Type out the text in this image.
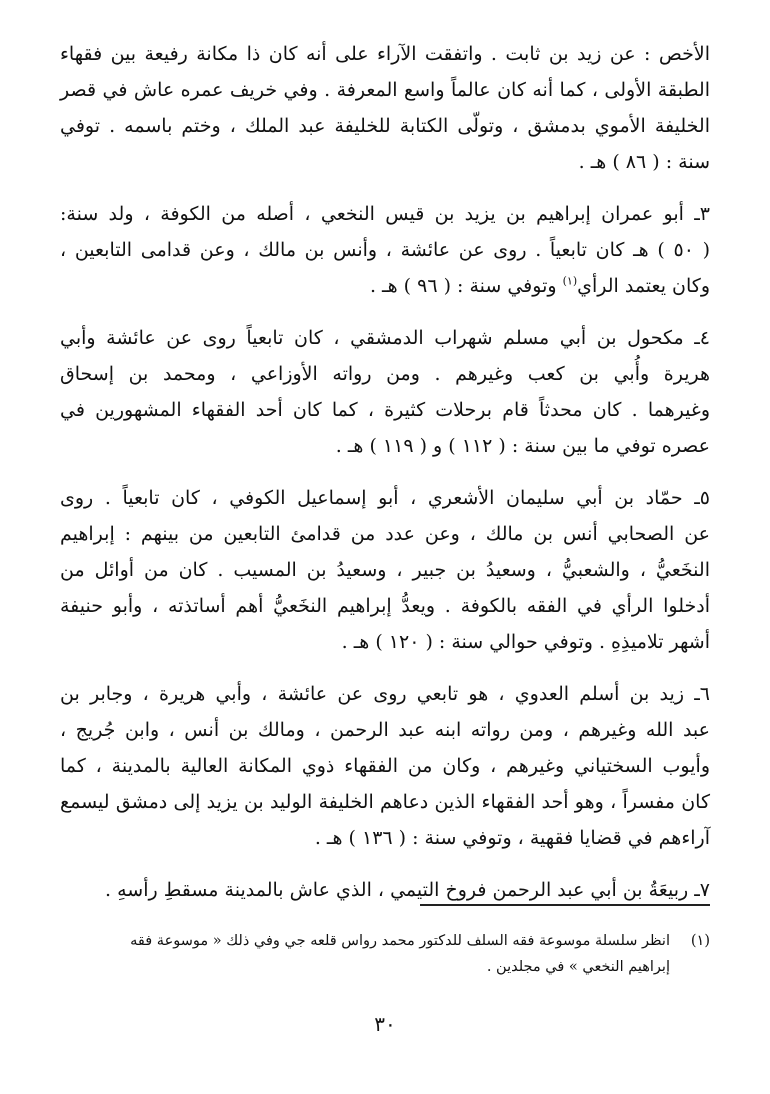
الأخص : عن زيد بن ثابت . واتفقت الآراء على أنه كان ذا مكانة رفيعة بين فقهاء
الطبقة الأولى ، كما أنه كان عالماً واسع المعرفة . وفي خريف عمره عاش في قصر
الخليفة الأموي بدمشق ، وتولّى الكتابة للخليفة عبد الملك ، وختم باسمه . توفي
سنة : ( ٨٦ ) هـ .

٣ـ أبو عمران إبراهيم بن يزيد بن قيس النخعي ، أصله من الكوفة ، ولد سنة:
( ٥٠ ) هـ كان تابعياً . روى عن عائشة ، وأنس بن مالك ، وعن قدامى التابعين ،
وكان يعتمد الرأي$^{(١)}$ وتوفي سنة : ( ٩٦ ) هـ .

٤ـ مكحول بن أبي مسلم شهراب الدمشقي ، كان تابعياً روى عن عائشة وأبي
هريرة وأُبي بن كعب وغيرهم . ومن رواته الأوزاعي ، ومحمد بن إسحاق
وغيرهما . كان محدثاً قام برحلات كثيرة ، كما كان أحد الفقهاء المشهورين في
عصره توفي ما بين سنة : ( ١١٢ ) و ( ١١٩ ) هـ .

٥ـ حمّاد بن أبي سليمان الأشعري ، أبو إسماعيل الكوفي ، كان تابعياً . روى
عن الصحابي أنس بن مالك ، وعن عدد من قدامئ التابعين من بينهم : إبراهيم
النخَعيُّ ، والشعبيُّ ، وسعيدُ بن جبير ، وسعيدُ بن المسيب . كان من أوائل من
أدخلوا الرأي في الفقه بالكوفة . ويعدُّ إبراهيم النخَعيُّ أهم أساتذته ، وأبو حنيفة
أشهر تلاميذِهِ . وتوفي حوالي سنة : ( ١٢٠ ) هـ .

٦ـ زيد بن أسلم العدوي ، هو تابعي روى عن عائشة ، وأبي هريرة ، وجابر بن
عبد الله وغيرهم ، ومن رواته ابنه عبد الرحمن ، ومالك بن أنس ، وابن جُريج ،
وأيوب السختياني وغيرهم ، وكان من الفقهاء ذوي المكانة العالية بالمدينة ، كما
كان مفسراً ، وهو أحد الفقهاء الذين دعاهم الخليفة الوليد بن يزيد إلى دمشق ليسمع
آراءهم في قضايا فقهية ، وتوفي سنة : ( ١٣٦ ) هـ .

٧ـ ربيعَةُ بن أبي عبد الرحمن فروخ التيمي ، الذي عاش بالمدينة مسقطِ رأسهِ .

(١)انظر سلسلة موسوعة فقه السلف للدكتور محمد رواس قلعه جي وفي ذلك « موسوعة فقه
إبراهيم النخعي » في مجلدين .
٣٠
